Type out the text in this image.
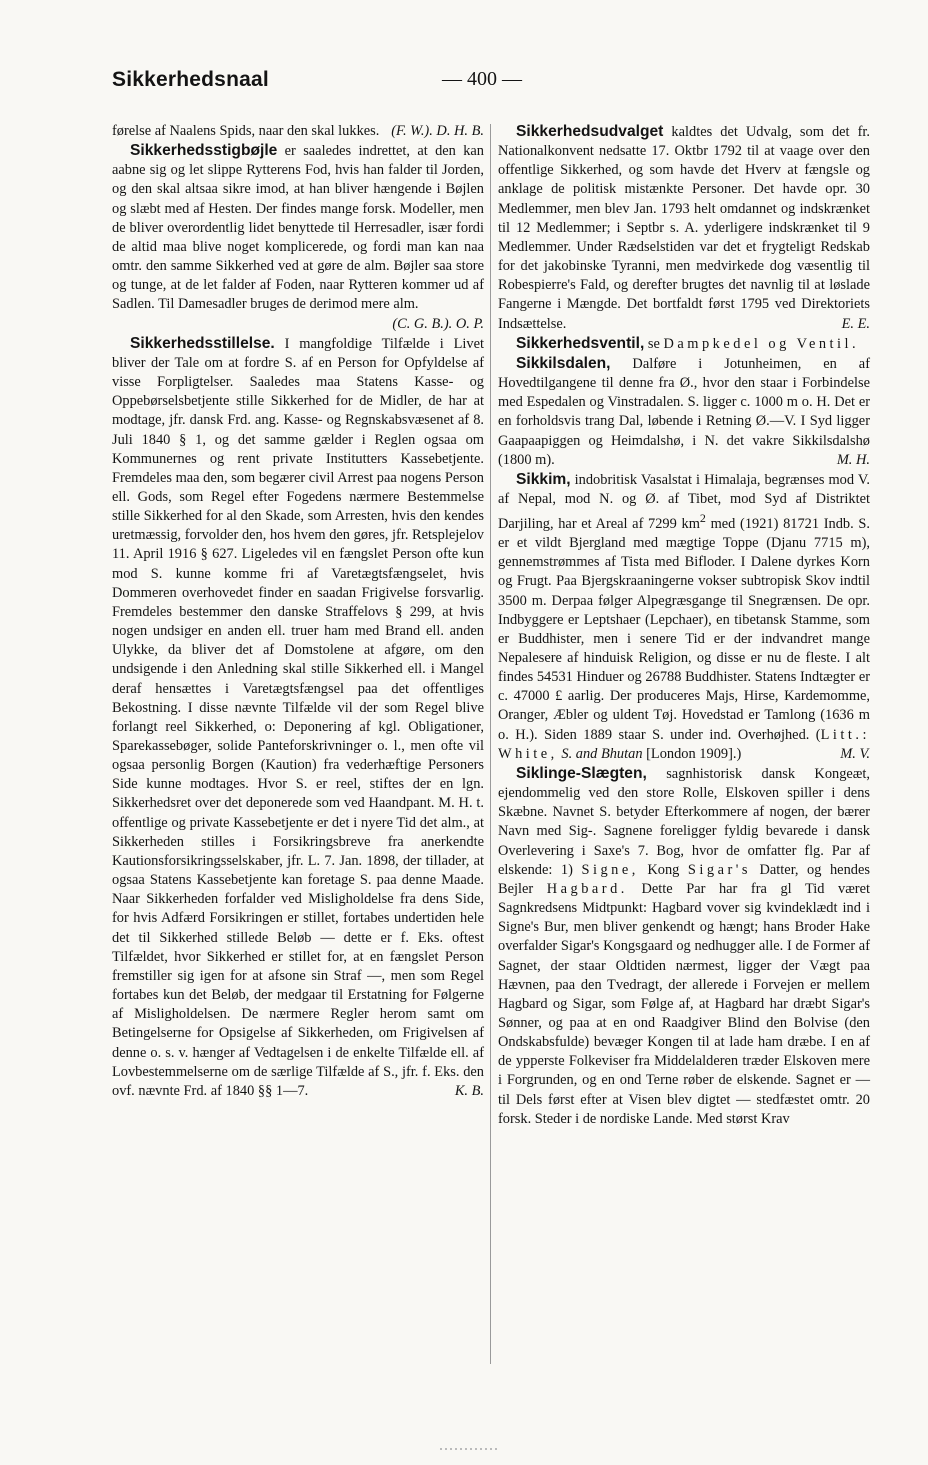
Sikkerhedsnaal	— 400 —

førelse af Naalens Spids, naar den skal lukkes. (F. W.). D. H. B.

Sikkerhedsstigbøjle er saaledes indrettet, at den kan aabne sig og let slippe Rytterens Fod, hvis han falder til Jorden, og den skal altsaa sikre imod, at han bliver hængende i Bøjlen og slæbt med af Hesten. Der findes mange forsk. Modeller, men de bliver overordentlig lidet benyttede til Herresadler, især fordi de altid maa blive noget komplicerede, og fordi man kan naa omtr. den samme Sikkerhed ved at gøre de alm. Bøjler saa store og tunge, at de let falder af Foden, naar Rytteren kommer ud af Sadlen. Til Damesadler bruges de derimod mere alm.
(C. G. B.). O. P.

Sikkerhedsstillelse. I mangfoldige Tilfælde i Livet bliver der Tale om at fordre S. af en Person for Opfyldelse af visse Forpligtelser. Saaledes maa Statens Kasse- og Oppebørselsbetjente stille Sikkerhed for de Midler, de har at modtage, jfr. dansk Frd. ang. Kasse- og Regnskabsvæsenet af 8. Juli 1840 § 1, og det samme gælder i Reglen ogsaa om Kommunernes og rent private Institutters Kassebetjente. Fremdeles maa den, som begærer civil Arrest paa nogens Person ell. Gods, som Regel efter Fogedens nærmere Bestemmelse stille Sikkerhed for al den Skade, som Arresten, hvis den kendes uretmæssig, forvolder den, hos hvem den gøres, jfr. Retsplejelov 11. April 1916 § 627. Ligeledes vil en fængslet Person ofte kun mod S. kunne komme fri af Varetægtsfængselet, hvis Dommeren overhovedet finder en saadan Frigivelse forsvarlig. Fremdeles bestemmer den danske Straffelovs § 299, at hvis nogen undsiger en anden ell. truer ham med Brand ell. anden Ulykke, da bliver det af Domstolene at afgøre, om den undsigende i den Anledning skal stille Sikkerhed ell. i Mangel deraf hensættes i Varetægtsfængsel paa det offentliges Bekostning. I disse nævnte Tilfælde vil der som Regel blive forlangt reel Sikkerhed, o: Deponering af kgl. Obligationer, Sparekassebøger, solide Panteforskrivninger o. l., men ofte vil ogsaa personlig Borgen (Kaution) fra vederhæftige Personers Side kunne modtages. Hvor S. er reel, stiftes der en lgn. Sikkerhedsret over det deponerede som ved Haandpant. M. H. t. offentlige og private Kassebetjente er det i nyere Tid det alm., at Sikkerheden stilles i Forsikringsbreve fra anerkendte Kautionsforsikringsselskaber, jfr. L. 7. Jan. 1898, der tillader, at ogsaa Statens Kassebetjente kan foretage S. paa denne Maade. Naar Sikkerheden forfalder ved Misligholdelse fra dens Side, for hvis Adfærd Forsikringen er stillet, fortabes undertiden hele det til Sikkerhed stillede Beløb — dette er f. Eks. oftest Tilfældet, hvor Sikkerhed er stillet for, at en fængslet Person fremstiller sig igen for at afsone sin Straf —, men som Regel fortabes kun det Beløb, der medgaar til Erstatning for Følgerne af Misligholdelsen. De nærmere Regler herom samt om Betingelserne for Opsigelse af Sikkerheden, om Frigivelsen af denne o. s. v. hænger af Vedtagelsen i de enkelte Tilfælde ell. af Lovbestemmelserne om de særlige Tilfælde af S., jfr. f. Eks. den ovf. nævnte Frd. af 1840 §§ 1—7.	K. B.

Sikkerhedsudvalget kaldtes det Udvalg, som det fr. Nationalkonvent nedsatte 17. Oktbr 1792 til at vaage over den offentlige Sikkerhed, og som havde det Hverv at fængsle og anklage de politisk mistænkte Personer. Det havde opr. 30 Medlemmer, men blev Jan. 1793 helt omdannet og indskrænket til 12 Medlemmer; i Septbr s. A. yderligere indskrænket til 9 Medlemmer. Under Rædselstiden var det et frygteligt Redskab for det jakobinske Tyranni, men medvirkede dog væsentlig til Robespierre's Fald, og derefter brugtes det navnlig til at løslade Fangerne i Mængde. Det bortfaldt først 1795 ved Direktoriets Indsættelse.	E. E.

Sikkerhedsventil, se Dampkedel og Ventil.

Sikkilsdalen, Dalføre i Jotunheimen, en af Hovedtilgangene til denne fra Ø., hvor den staar i Forbindelse med Espedalen og Vinstradalen. S. ligger c. 1000 m o. H. Det er en forholdsvis trang Dal, løbende i Retning Ø.—V. I Syd ligger Gaapaapiggen og Heimdalshø, i N. det vakre Sikkilsdalshø (1800 m).	M. H.

Sikkim, indobritisk Vasalstat i Himalaja, begrænses mod V. af Nepal, mod N. og Ø. af Tibet, mod Syd af Distriktet Darjiling, har et Areal af 7299 $km^2$ med (1921) 81721 Indb. S. er et vildt Bjergland med mægtige Toppe (Djanu 7715 m), gennemstrømmes af Tista med Bifloder. I Dalene dyrkes Korn og Frugt. Paa Bjergskraaningerne vokser subtropisk Skov indtil 3500 m. Derpaa følger Alpegræsgange til Snegrænsen. De opr. Indbyggere er Leptshaer (Lepchaer), en tibetansk Stamme, som er Buddhister, men i senere Tid er der indvandret mange Nepalesere af hinduisk Religion, og disse er nu de fleste. I alt findes 54531 Hinduer og 26788 Buddhister. Statens Indtægter er c. 47000 £ aarlig. Der produceres Majs, Hirse, Kardemomme, Oranger, Æbler og uldent Tøj. Hovedstad er Tamlong (1636 m o. H.). Siden 1889 staar S. under ind. Overhøjhed. (Litt.: White, S. and Bhutan [London 1909].)	M. V.

Siklinge-Slægten, sagnhistorisk dansk Kongeæt, ejendommelig ved den store Rolle, Elskoven spiller i dens Skæbne. Navnet S. betyder Efterkommere af nogen, der bærer Navn med Sig-. Sagnene foreligger fyldig bevarede i dansk Overlevering i Saxe's 7. Bog, hvor de omfatter flg. Par af elskende: 1) Signe, Kong Sigar's Datter, og hendes Bejler Hagbard. Dette Par har fra gl Tid været Sagnkredsens Midtpunkt: Hagbard vover sig kvindeklædt ind i Signe's Bur, men bliver genkendt og hængt; hans Broder Hake overfalder Sigar's Kongsgaard og nedhugger alle. I de Former af Sagnet, der staar Oldtiden nærmest, ligger der Vægt paa Hævnen, paa den Tvedragt, der allerede i Forvejen er mellem Hagbard og Sigar, som Følge af, at Hagbard har dræbt Sigar's Sønner, og paa at en ond Raadgiver Blind den Bolvise (den Ondskabsfulde) bevæger Kongen til at lade ham dræbe. I en af de ypperste Folkeviser fra Middelalderen træder Elskoven mere i Forgrunden, og en ond Terne røber de elskende. Sagnet er — til Dels først efter at Visen blev digtet — stedfæstet omtr. 20 forsk. Steder i de nordiske Lande. Med størst Krav
